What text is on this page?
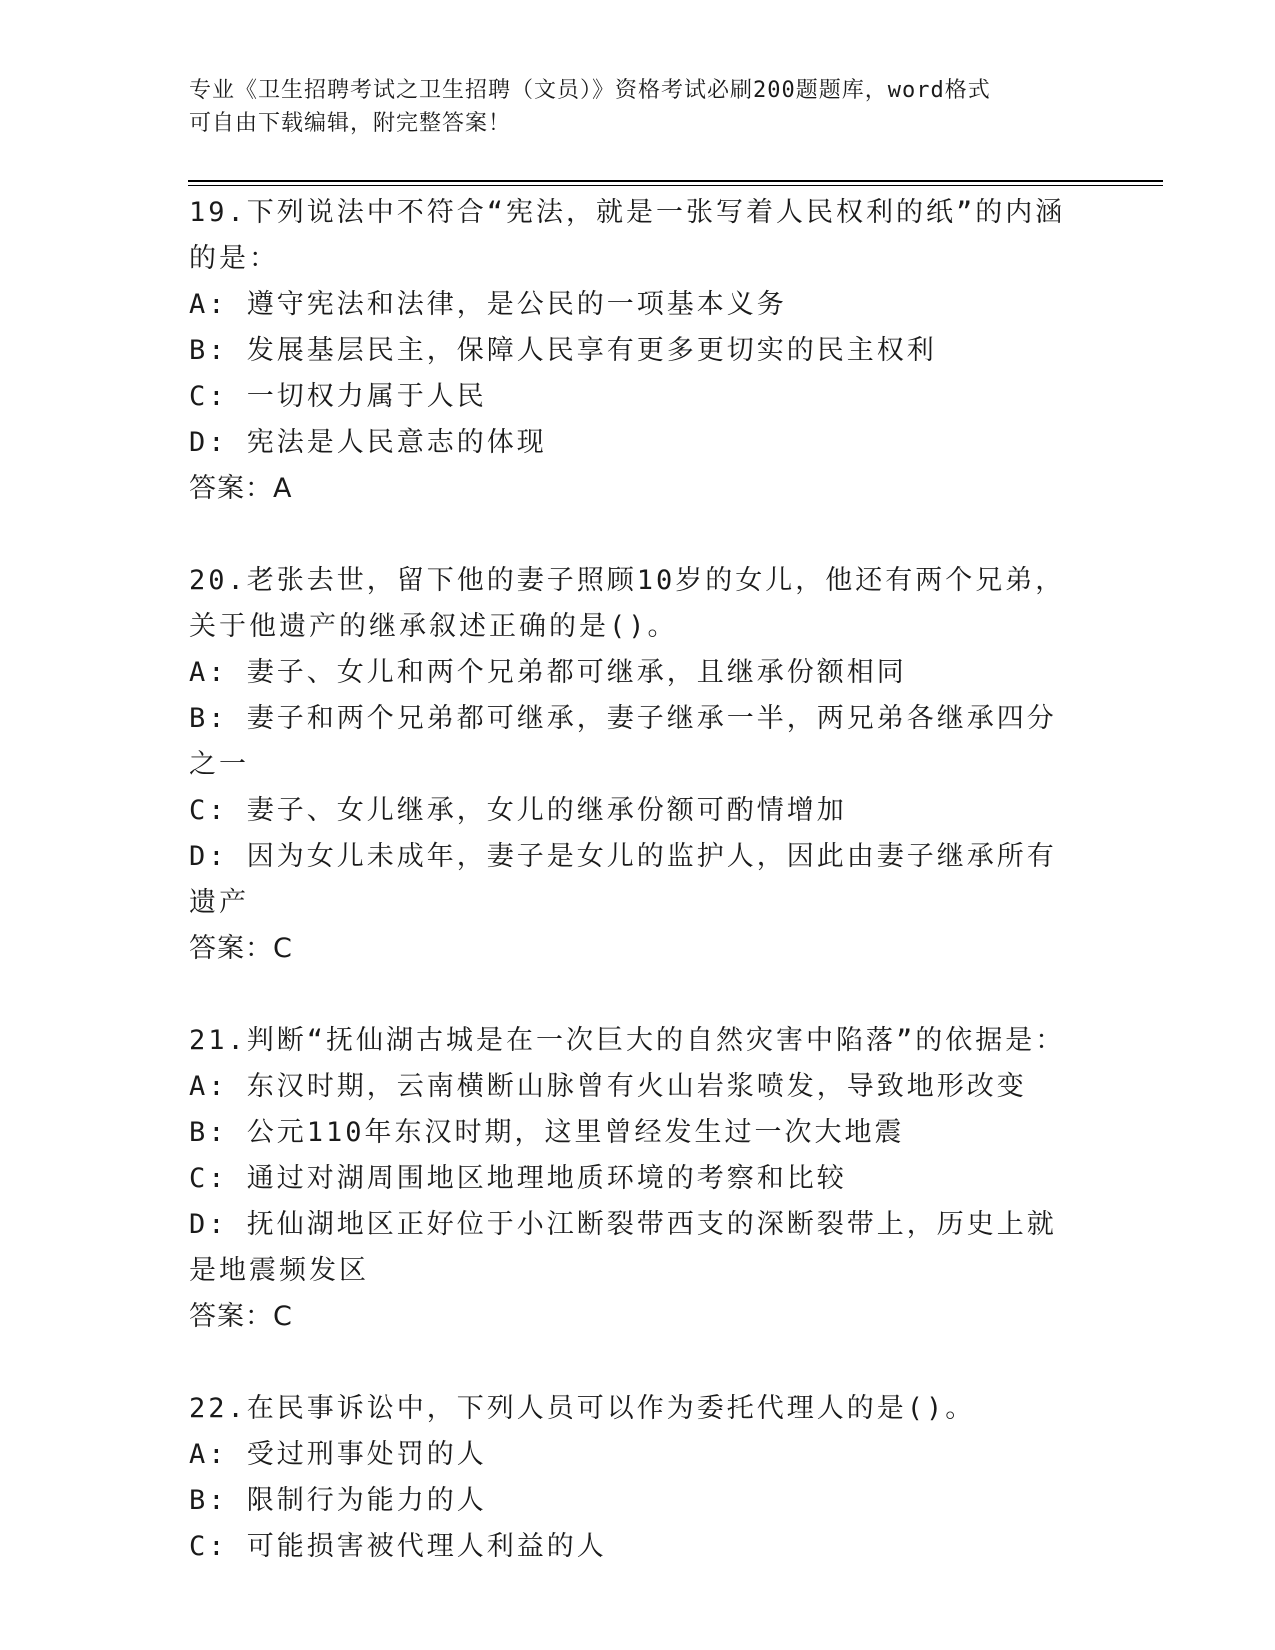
专业《卫生招聘考试之卫生招聘（文员）》资格考试必刷200题题库，word格式
可自由下载编辑，附完整答案！

19.下列说法中不符合“宪法，就是一张写着人民权利的纸”的内涵的是：

A: 遵守宪法和法律，是公民的一项基本义务

B: 发展基层民主，保障人民享有更多更切实的民主权利

C: 一切权力属于人民

D: 宪法是人民意志的体现

答案：A

20.老张去世，留下他的妻子照顾10岁的女儿，他还有两个兄弟，关于他遗产的继承叙述正确的是()。

A: 妻子、女儿和两个兄弟都可继承，且继承份额相同

B: 妻子和两个兄弟都可继承，妻子继承一半，两兄弟各继承四分之一

C: 妻子、女儿继承，女儿的继承份额可酌情增加

D: 因为女儿未成年，妻子是女儿的监护人，因此由妻子继承所有遗产

答案：C

21.判断“抚仙湖古城是在一次巨大的自然灾害中陷落”的依据是：

A: 东汉时期，云南横断山脉曾有火山岩浆喷发，导致地形改变

B: 公元110年东汉时期，这里曾经发生过一次大地震

C: 通过对湖周围地区地理地质环境的考察和比较

D: 抚仙湖地区正好位于小江断裂带西支的深断裂带上，历史上就是地震频发区

答案：C

22.在民事诉讼中，下列人员可以作为委托代理人的是()。

A: 受过刑事处罚的人

B: 限制行为能力的人

C: 可能损害被代理人利益的人
